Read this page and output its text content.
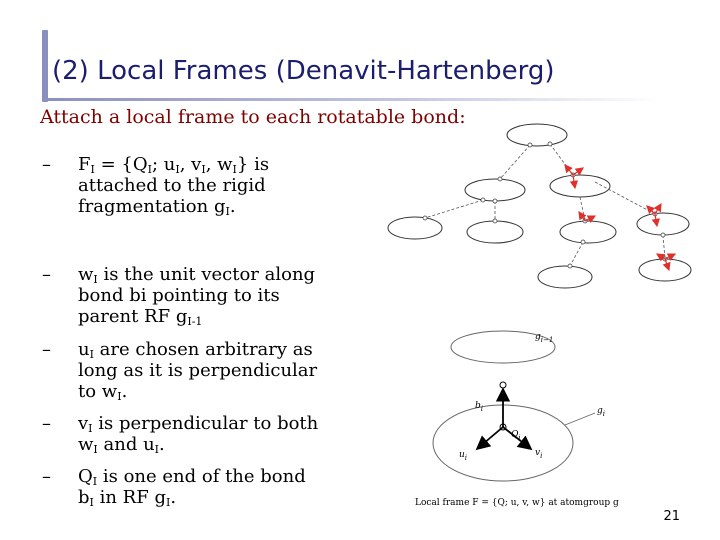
(2) Local Frames (Denavit-Hartenberg)
Attach a local frame to each rotatable bond:
– $F_I = \{Q_I$; $u_I$, $v_I$, $w_I$} is
attached to the rigid
fragmentation $g_I$.
– $w_I$ is the unit vector along
bond bi pointing to its
parent RF $g_{I-1}$
– $u_I$ are chosen arbitrary as
long as it is perpendicular
to $w_I$.
– $v_I$ is perpendicular to both
$w_I$ and $u_I$.
– $Q_I$ is one end of the bond
$b_I$ in RF $g_I$.
$g_{i-1}$
$b_i$	$g_i$
$Q_i$
$u_i$	$v_i$
Local frame F = {Q; u, v, w} at atomgroup g
21
